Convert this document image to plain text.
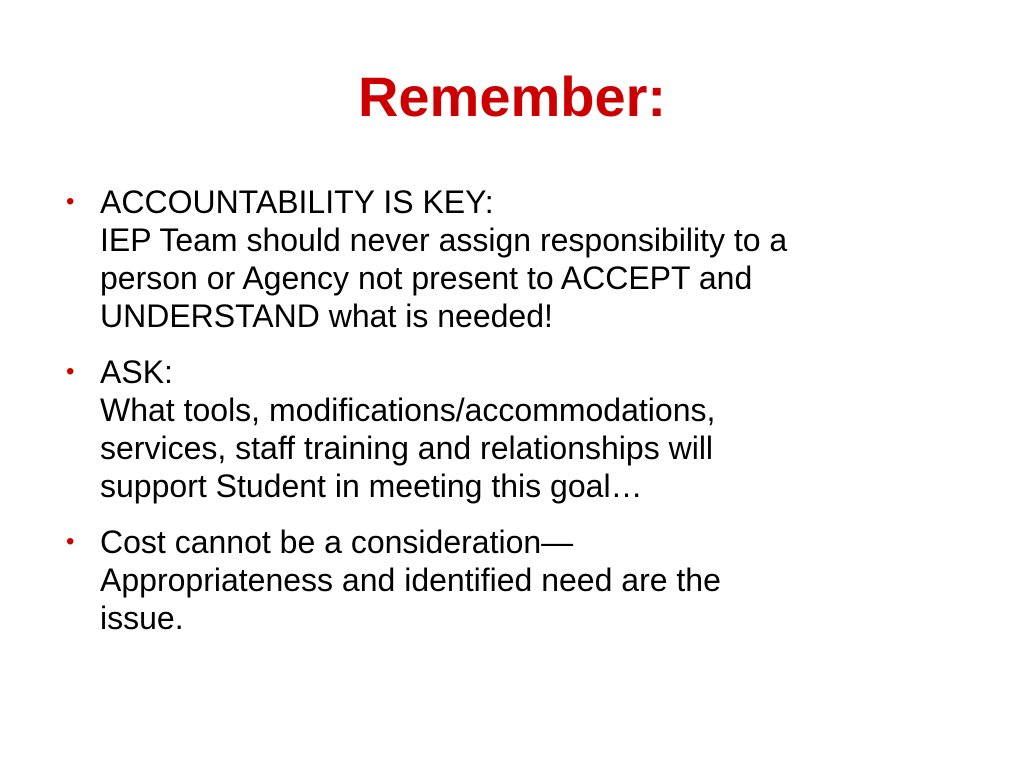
Remember:
• ACCOUNTABILITY IS KEY:
IEP Team should never assign responsibility to a
person or Agency not present to ACCEPT and
UNDERSTAND what is needed!
• ASK:
What tools, modifications/accommodations,
services, staff training and relationships will
support Student in meeting this goal…
• Cost cannot be a consideration—
Appropriateness and identified need are the
issue.
